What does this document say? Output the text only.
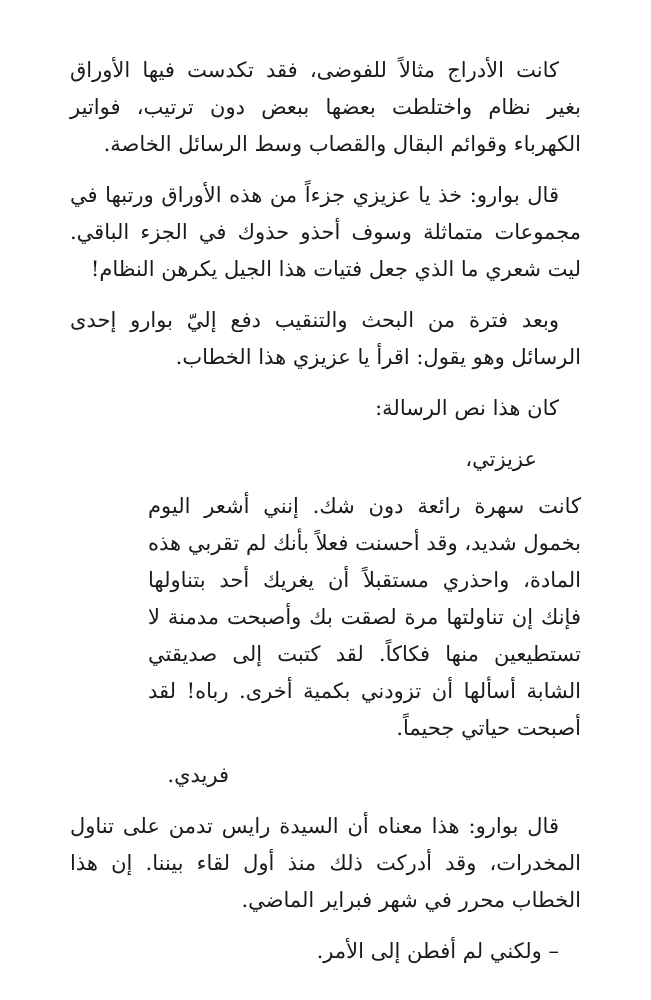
كانت الأدراج مثالاً للفوضى، فقد تكدست فيها الأوراق بغير نظام واختلطت بعضها ببعض دون ترتيب، فواتير الكهرباء وقوائم البقال والقصاب وسط الرسائل الخاصة.

قال بوارو: خذ يا عزيزي جزءاً من هذه الأوراق ورتبها في مجموعات متماثلة وسوف أحذو حذوك في الجزء الباقي. ليت شعري ما الذي جعل فتيات هذا الجيل يكرهن النظام!

وبعد فترة من البحث والتنقيب دفع إليّ بوارو إحدى الرسائل وهو يقول: اقرأ يا عزيزي هذا الخطاب.

كان هذا نص الرسالة:

عزيزتي،

كانت سهرة رائعة دون شك. إنني أشعر اليوم بخمول شديد، وقد أحسنت فعلاً بأنك لم تقربي هذه المادة، واحذري مستقبلاً أن يغريك أحد بتناولها فإنك إن تناولتها مرة لصقت بك وأصبحت مدمنة لا تستطيعين منها فكاكاً. لقد كتبت إلى صديقتي الشابة أسألها أن تزودني بكمية أخرى. رباه! لقد أصبحت حياتي جحيماً.

فريدي.

قال بوارو: هذا معناه أن السيدة رايس تدمن على تناول المخدرات، وقد أدركت ذلك منذ أول لقاء بيننا. إن هذا الخطاب محرر في شهر فبراير الماضي.

– ولكني لم أفطن إلى الأمر.
